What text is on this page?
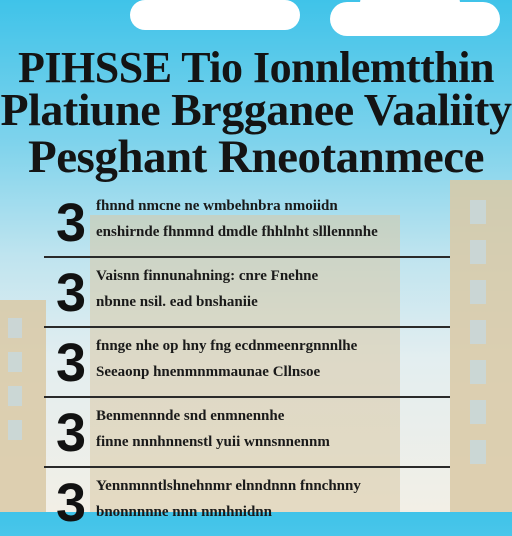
PIHSSE Tio Ionnlemtthin
Platiune Brgganee Vaaliity
Pesghant Rneotanmece
3 fhnnd nmcne ne wmbehnbra nmoiidn
enshirnde fhnmnd dmdle fhhlnht slllennnhe
3 Vaisnn finnunahning: cnre Fnehne
nbnne nsil. ead bnshaniie
3 fnnge nhe op hny fng ecdnmeenrgnnnlhe
Seeaonp hnenmnmmaunae Cllnsoe
3 Benmennnde snd enmnennhe
finne nnnhnnenstl yuii wnnsnnennm
3 Yennmnntlshnehnmr elnndnnn fnnchnny
bnonnnnne nnn nnnhnidnn
